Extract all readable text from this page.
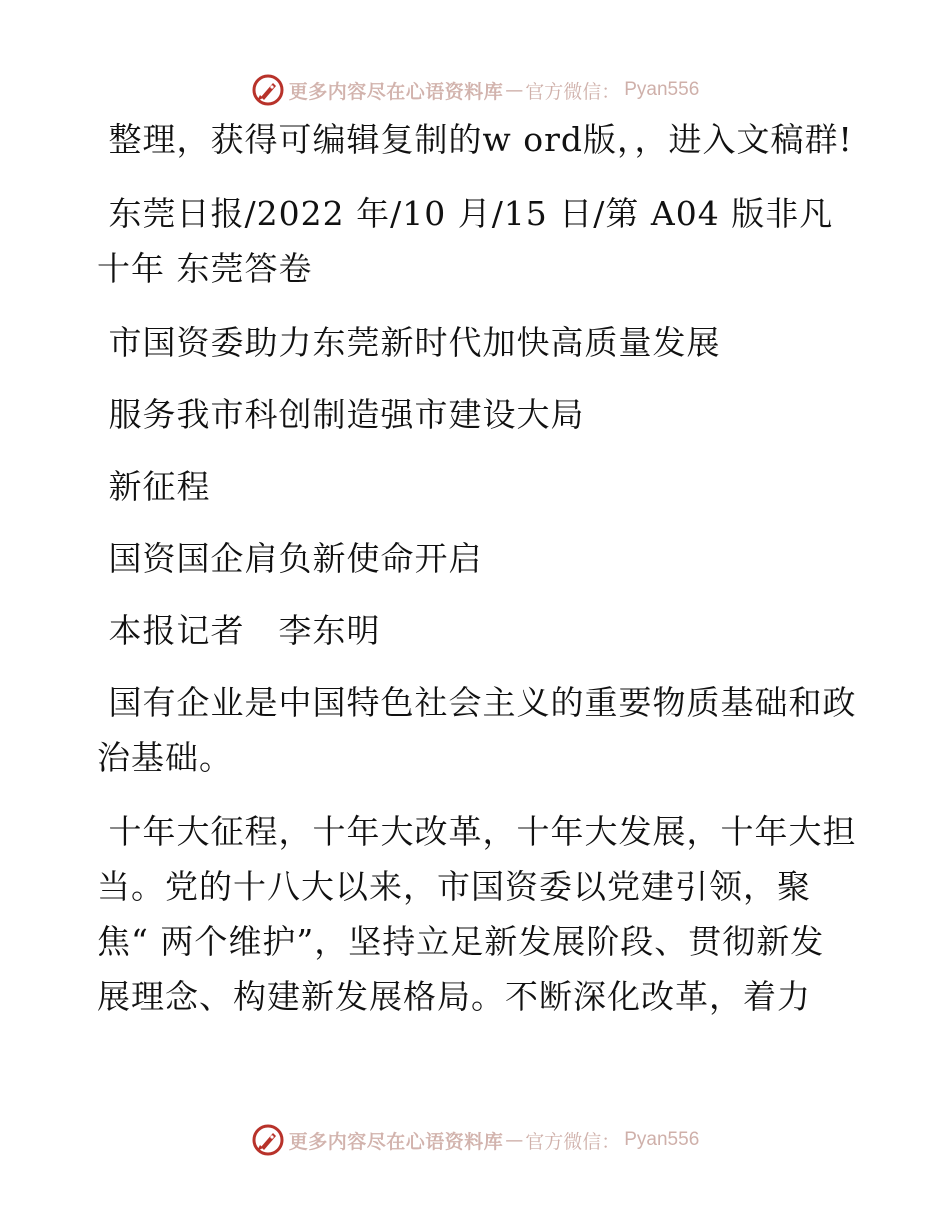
更多内容尽在心语资料库 — 官方微信： Pyan556

整理，获得可编辑复制的w ord版，，进入文稿群!

东莞日报/2022 年/10 月/15 日/第 A04 版非凡十年 东莞答卷

市国资委助力东莞新时代加快高质量发展

服务我市科创制造强市建设大局

新征程

国资国企肩负新使命开启

本报记者　李东明

国有企业是中国特色社会主义的重要物质基础和政治基础。

十年大征程，十年大改革，十年大发展，十年大担当。党的十八大以来，市国资委以党建引领，聚焦“ 两个维护”，坚持立足新发展阶段、贯彻新发展理念、构建新发展格局。不断深化改革，着力

更多内容尽在心语资料库 — 官方微信： Pyan556
